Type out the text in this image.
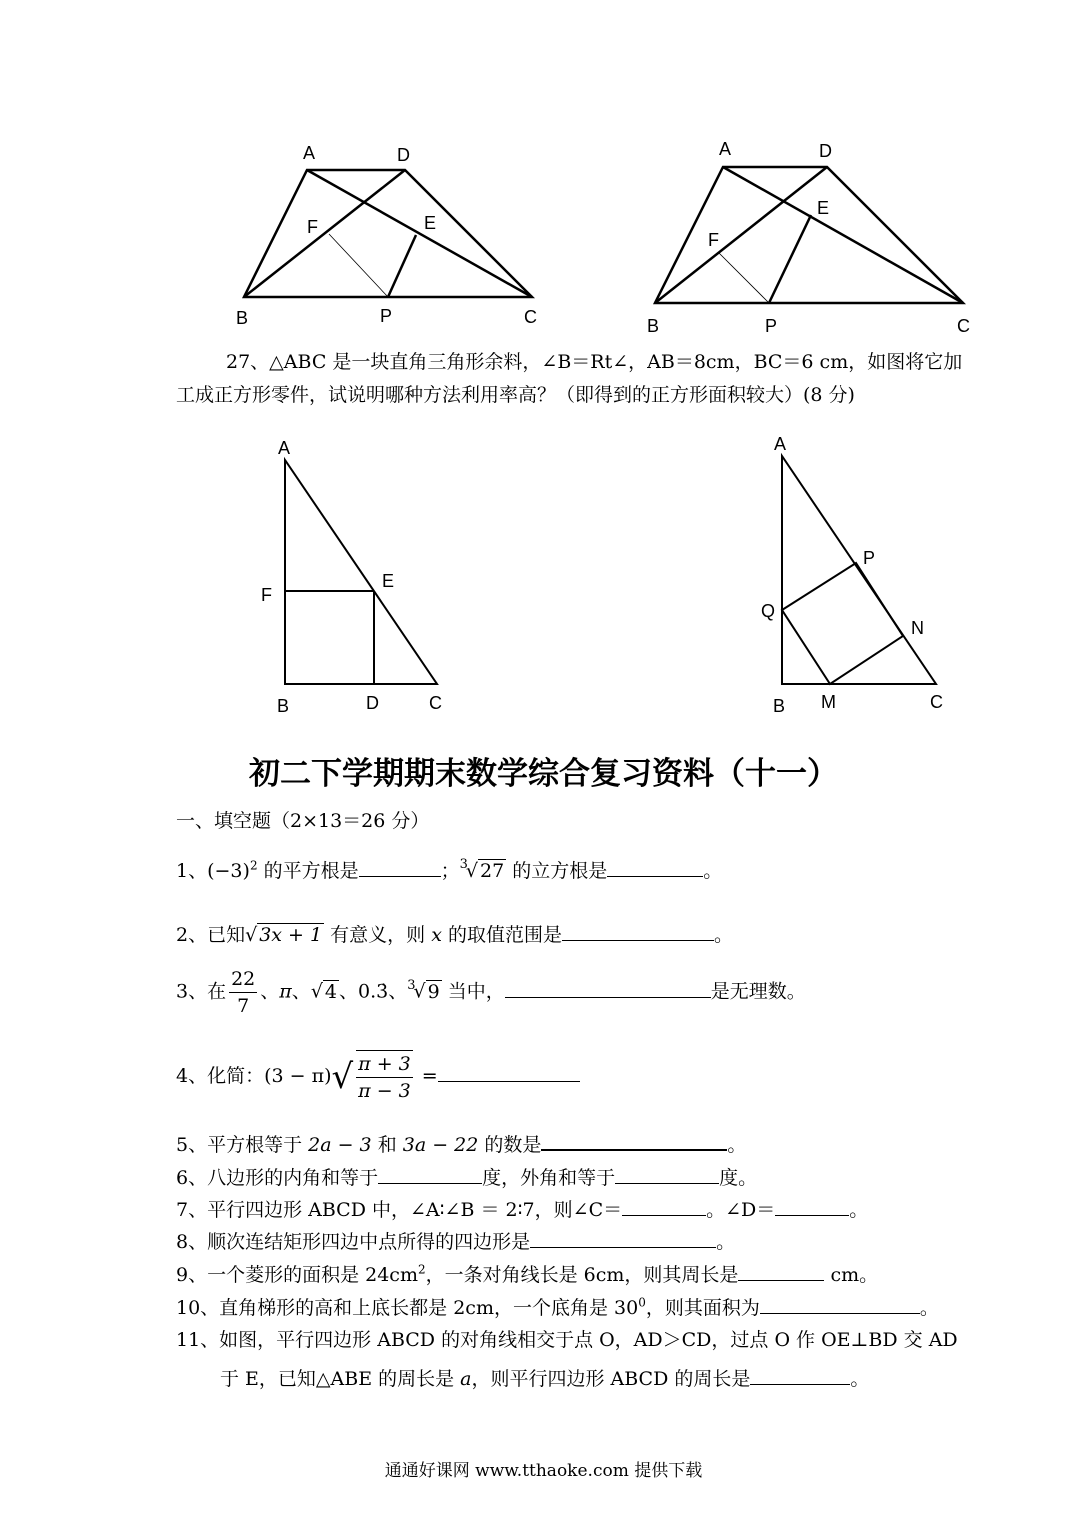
A	D
F	E
B	P	C
A	D
F
E
B	P	C
27、△ABC 是一块直角三角形余料，∠B＝Rt∠，AB＝8cm，BC＝6 cm，如图将它加
工成正方形零件，试说明哪种方法利用率高？（即得到的正方形面积较大）(8 分)
A
F
E
B	D	C
A
P
Q
N
B M	C
初二下学期期末数学综合复习资料（十一）
一、填空题（2×13＝26 分）
1、$(-3)^2$ 的平方根是	；$^3$√ 27 的立方根是	。
2、已知√ 3x + 1 有意义，则 x 的取值范围是	。
3、在 $\frac{22}{7}$ 、π、√ 4 、0.3̇、$^3$√ 9 当中，	是无理数。
4、化简：$(3 - \pi)√ \frac{\pi + 3}{\pi - 3}$ =
5、平方根等于 2a − 3 和 3a − 22 的数是	。
6、八边形的内角和等于	度，外角和等于	度。
7、平行四边形 ABCD 中，∠A∶∠B ＝ 2∶7，则∠C＝	。∠D＝	。
8、顺次连结矩形四边中点所得的四边形是	。
9、一个菱形的面积是 $24cm^2$，一条对角线长是 6cm，则其周长是	cm。
10、直角梯形的高和上底长都是 2cm，一个底角是 $30^0$，则其面积为	。
11、如图，平行四边形 ABCD 的对角线相交于点 O，AD＞CD，过点 O 作 OE⊥BD 交 AD
于 E，已知△ABE 的周长是 a，则平行四边形 ABCD 的周长是	。
通通好课网 www.tthaoke.com 提供下载
